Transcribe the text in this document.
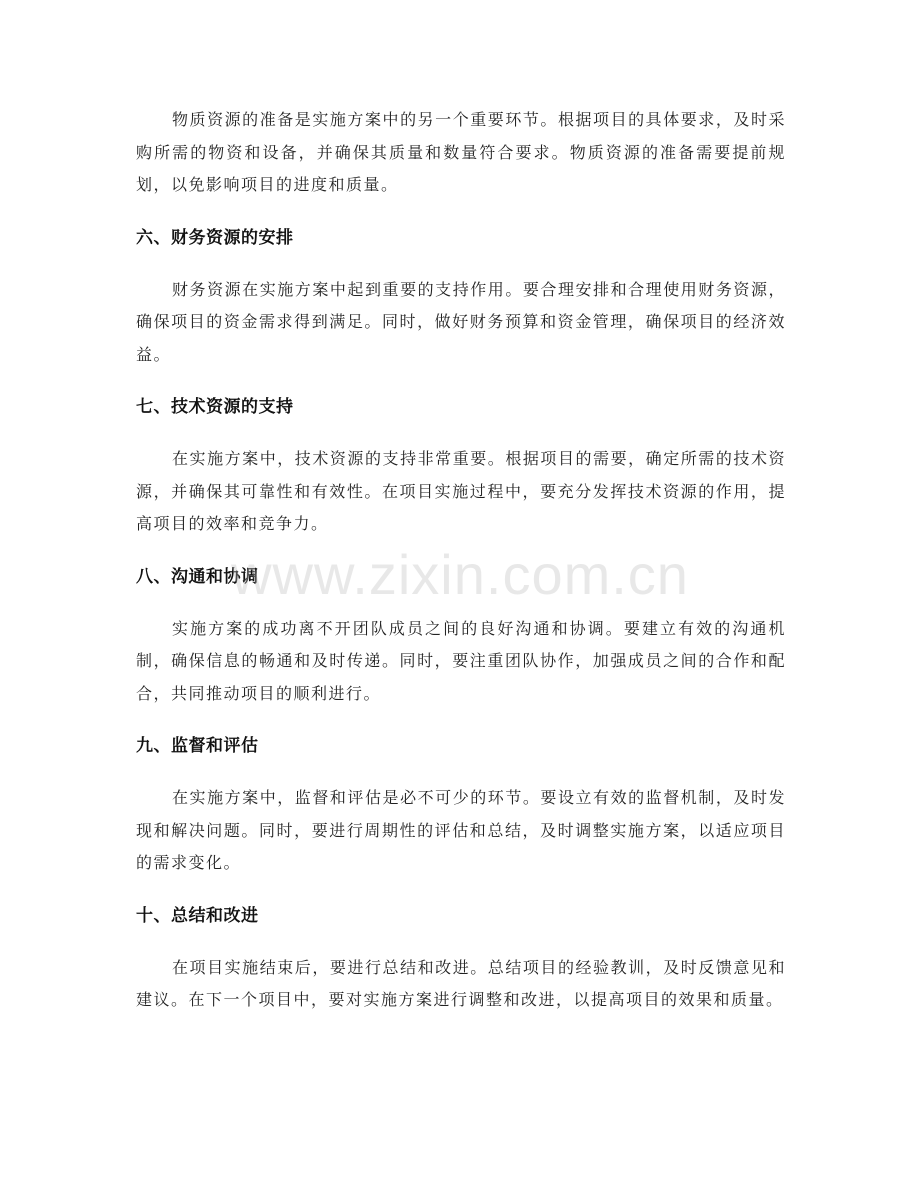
物质资源的准备是实施方案中的另一个重要环节。根据项目的具体要求，及时采购所需的物资和设备，并确保其质量和数量符合要求。物质资源的准备需要提前规划，以免影响项目的进度和质量。

六、财务资源的安排

财务资源在实施方案中起到重要的支持作用。要合理安排和合理使用财务资源，确保项目的资金需求得到满足。同时，做好财务预算和资金管理，确保项目的经济效益。

七、技术资源的支持

在实施方案中，技术资源的支持非常重要。根据项目的需要，确定所需的技术资源，并确保其可靠性和有效性。在项目实施过程中，要充分发挥技术资源的作用，提高项目的效率和竞争力。

八、沟通和协调

实施方案的成功离不开团队成员之间的良好沟通和协调。要建立有效的沟通机制，确保信息的畅通和及时传递。同时，要注重团队协作，加强成员之间的合作和配合，共同推动项目的顺利进行。

九、监督和评估

在实施方案中，监督和评估是必不可少的环节。要设立有效的监督机制，及时发现和解决问题。同时，要进行周期性的评估和总结，及时调整实施方案，以适应项目的需求变化。

十、总结和改进

在项目实施结束后，要进行总结和改进。总结项目的经验教训，及时反馈意见和建议。在下一个项目中，要对实施方案进行调整和改进，以提高项目的效果和质量。

www.zixin.com.cn
